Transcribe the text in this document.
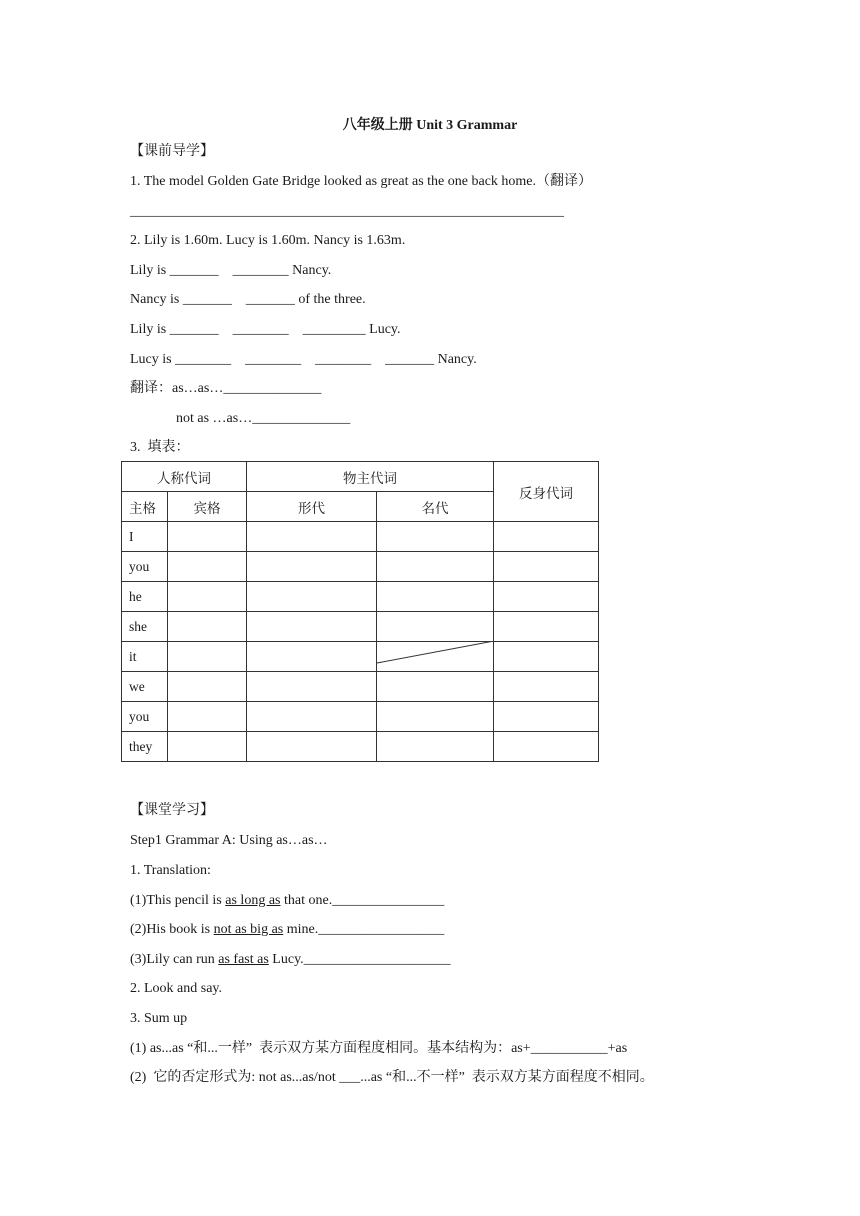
八年级上册 Unit 3 Grammar
【课前导学】
1. The model Golden Gate Bridge looked as great as the one back home.（翻译）
______________________________________________________________
2. Lily is 1.60m. Lucy is 1.60m. Nancy is 1.63m.
Lily is _______    ________ Nancy.
Nancy is _______    _______ of the three.
Lily is _______    ________    _________ Lucy.
Lucy is ________    ________    ________    _______ Nancy.
翻译：as…as…______________
not as …as…______________
3.  填表：
人称代词		物主代词		反身代词
主格	宾格	形代	名代	
I				
you				
he				
she				
it			

we				
you				
they				
【课堂学习】
Step1 Grammar A: Using as…as…
1. Translation:
(1)This pencil is as long as that one.________________
(2)His book is not as big as mine.__________________
(3)Lily can run as fast as Lucy._____________________
2. Look and say.
3. Sum up
(1) as...as “和...一样”  表示双方某方面程度相同。基本结构为：as+___________+as
(2)  它的否定形式为: not as...as/not ___...as “和...不一样”  表示双方某方面程度不相同。
